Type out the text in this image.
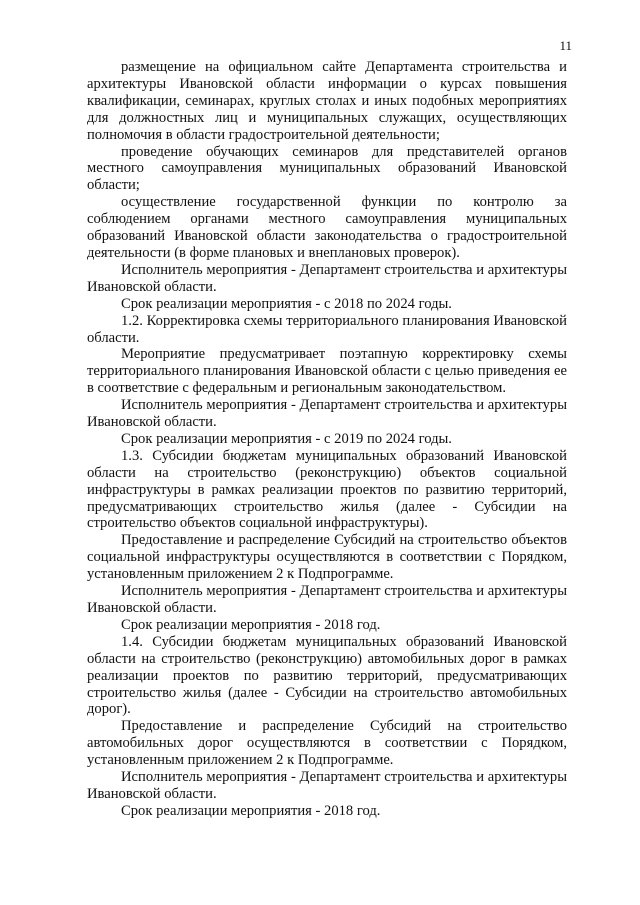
11

размещение на официальном сайте Департамента строительства и архитектуры Ивановской области информации о курсах повышения квалификации, семинарах, круглых столах и иных подобных мероприятиях для должностных лиц и муниципальных служащих, осуществляющих полномочия в области градостроительной деятельности;

проведение обучающих семинаров для представителей органов местного самоуправления муниципальных образований Ивановской области;

осуществление государственной функции по контролю за соблюдением органами местного самоуправления муниципальных образований Ивановской области законодательства о градостроительной деятельности (в форме плановых и внеплановых проверок).

Исполнитель мероприятия - Департамент строительства и архитектуры Ивановской области.

Срок реализации мероприятия - с 2018 по 2024 годы.

1.2. Корректировка схемы территориального планирования Ивановской области.

Мероприятие предусматривает поэтапную корректировку схемы территориального планирования Ивановской области с целью приведения ее в соответствие с федеральным и региональным законодательством.

Исполнитель мероприятия - Департамент строительства и архитектуры Ивановской области.

Срок реализации мероприятия - с 2019 по 2024 годы.

1.3. Субсидии бюджетам муниципальных образований Ивановской области на строительство (реконструкцию) объектов социальной инфраструктуры в рамках реализации проектов по развитию территорий, предусматривающих строительство жилья (далее - Субсидии на строительство объектов социальной инфраструктуры).

Предоставление и распределение Субсидий на строительство объектов социальной инфраструктуры осуществляются в соответствии с Порядком, установленным приложением 2 к Подпрограмме.

Исполнитель мероприятия - Департамент строительства и архитектуры Ивановской области.

Срок реализации мероприятия - 2018 год.

1.4. Субсидии бюджетам муниципальных образований Ивановской области на строительство (реконструкцию) автомобильных дорог в рамках реализации проектов по развитию территорий, предусматривающих строительство жилья (далее - Субсидии на строительство автомобильных дорог).

Предоставление и распределение Субсидий на строительство автомобильных дорог осуществляются в соответствии с Порядком, установленным приложением 2 к Подпрограмме.

Исполнитель мероприятия - Департамент строительства и архитектуры Ивановской области.

Срок реализации мероприятия - 2018 год.
